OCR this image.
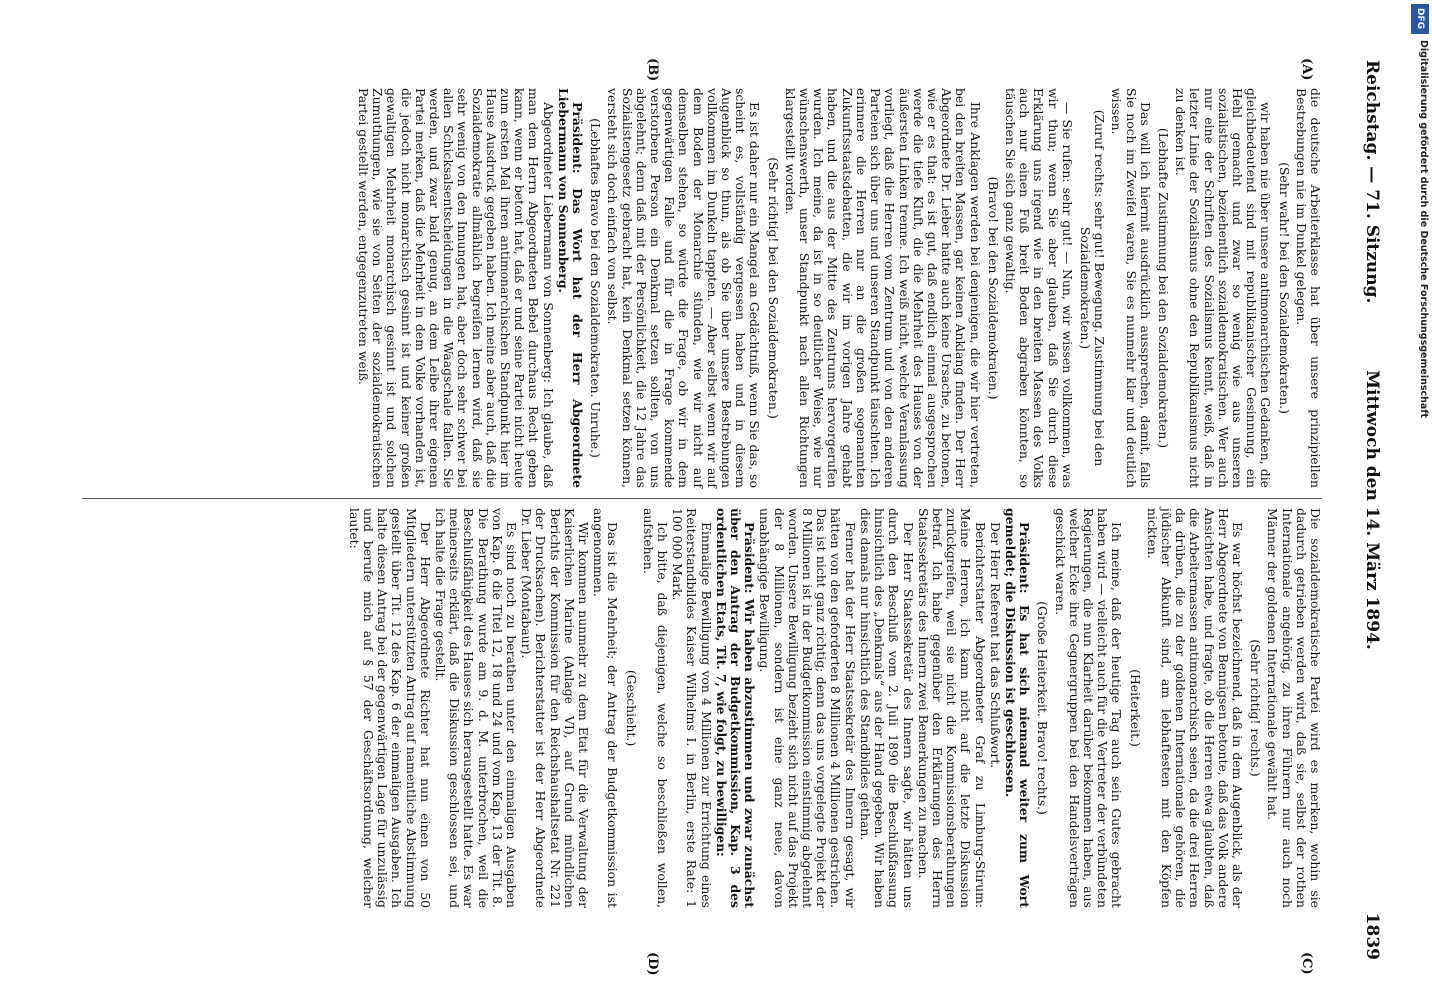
Reichstag. — 71. Sitzung.
Mittwoch den 14. März 1894.
1839
(A)
(B)
(C)
(D)

die deutsche Arbeiterklasse hat über unsere prinzipiellen Bestrebungen nie im Dunkel gelegen.

(Sehr wahr! bei den Sozialdemokraten.)

wir haben nie über unsere antimonarchischen Gedanken, die gleichbedeutend sind mit republikanischer Gesinnung, ein Hehl gemacht und zwar so wenig wie aus unseren sozialistischen, beziehentlich sozialdemokratischen. Wer auch nur eine der Schriften des Sozialismus kennt, weiß, daß in letzter Linie der Sozialismus ohne den Republikanismus nicht zu denken ist.

(Lebhafte Zustimmung bei den Sozialdemokraten.)

Das will ich hiermit ausdrücklich aussprechen, damit, falls Sie noch im Zweifel waren, Sie es nunmehr klar und deutlich wissen.

(Zuruf rechts: sehr gut! Bewegung. Zustimmung bei den Sozialdemokraten.)

— Sie rufen: sehr gut! — Nun, wir wissen vollkommen, was wir thun; wenn Sie aber glauben, daß Sie durch diese Erklärung uns irgend wie in den breiten Massen des Volks auch nur einen Fuß breit Boden abgraben könnten, so täuschen Sie sich ganz gewaltig.

(Bravo! bei den Sozialdemokraten.)

Ihre Anklagen werden bei denjenigen, die wir hier vertreten, bei den breiten Massen, gar keinen Anklang finden. Der Herr Abgeordnete Dr. Lieber hatte auch keine Ursache, zu betonen, wie er es that: es ist gut, daß endlich einmal ausgesprochen werde die tiefe Kluft, die die Mehrheit des Hauses von der äußersten Linken trenne. Ich weiß nicht, welche Veranlassung vorliegt, daß die Herren vom Zentrum und von den anderen Parteien sich über uns und unseren Standpunkt täuschten. Ich erinnere die Herren nur an die großen sogenannten Zukunftsstaatsdebatten, die wir im vorigen Jahre gehabt haben, und die aus der Mitte des Zentrums hervorgerufen wurden. Ich meine, da ist in so deutlicher Weise, wie nur wünschenswerth, unser Standpunkt nach allen Richtungen klargestellt worden.

(Sehr richtig! bei den Sozialdemokraten.)

Es ist daher nur ein Mangel an Gedächtniß, wenn Sie das, so scheint es, vollständig vergessen haben und in diesem Augenblick so thun, als ob Sie über unsere Bestrebungen vollkommen im Dunkeln tappten. — Aber selbst wenn wir auf dem Boden der Monarchie stünden, wie wir nicht auf demselben stehen, so würde die Frage, ob wir in dem gegenwärtigen Falle und für die in Frage kommende verstorbene Person ein Denkmal setzen sollten, von uns abgelehnt; denn daß mit der Persönlichkeit, die 12 Jahre das Sozialistengesetz gebracht hat, kein Denkmal setzen können, versteht sich doch einfach von selbst.

(Lebhaftes Bravo bei den Sozialdemokraten. Unruhe.)

Präsident: Das Wort hat der Herr Abgeordnete Liebermann von Sonnenberg.

Abgeordneter Liebermann von Sonnenberg: Ich glaube, daß man dem Herrn Abgeordneten Bebel durchaus Recht geben kann, wenn er betont hat, daß er und seine Partei nicht heute zum ersten Mal ihren antimonarchischen Standpunkt hier im Hause Ausdruck gegeben haben. Ich meine aber auch, daß die Sozialdemokratie allmählich begreifen lernen wird, daß sie sehr wenig von den Innungen hat, aber doch sehr schwer bei allen Schicksalsentscheidungen in die Waagschale fallen. Sie werden, und zwar bald genug, an dem Leibe ihrer eigenen Partei merken, daß die Mehrheit in dem Volke vorhanden ist, die jedoch nicht monarchisch gesinnt ist und keiner großen gewaltigen Mehrheit monarchisch gesinnt ist und solchen Zumuthungen, wie sie von Seiten der sozialdemokratischen Partei gestellt werden, entgegenzutreten weiß.

Die sozialdemokratische Partei wird es merken, wohin sie dadurch getrieben werden wird, daß sie, selbst der rothen Internationale angehörig, zu ihren Führern nur auch noch Männer der goldenen Internationale gewählt hat.

(Sehr richtig! rechts.)

Es war höchst bezeichnend, daß in dem Augenblick, als der Herr Abgeordnete von Bennigsen betonte, daß das Volk andere Ansichten habe, und fragte, ob die Herren etwa glaubten, daß die Arbeitermassen antimonarchisch seien, da die drei Herren da drüben, die zu der goldenen Internationale gehören, die jüdischer Abkunft sind, am lebhaftesten mit den Köpfen nickten.

(Heiterkeit.)

Ich meine, daß der heutige Tag auch sein Gutes gebracht haben wird — vielleicht auch für die Vertreter der verbündeten Regierungen, die nun Klarheit darüber bekommen haben, aus welcher Ecke ihre Gegnergruppen bei den Handelsverträgen geschickt waren.

(Große Heiterkeit. Bravo! rechts.)

Präsident: Es hat sich niemand weiter zum Wort gemeldet; die Diskussion ist geschlossen.

Der Herr Referent hat das Schlußwort.

Berichterstatter Abgeordneter Graf zu Limburg-Stirum: Meine Herren, ich kann nicht auf die letzte Diskussion zurückgreifen, weil sie nicht die Kommissionsberathungen betraf. Ich habe gegenüber den Erklärungen des Herrn Staatssekretärs des Innern zwei Bemerkungen zu machen.

Der Herr Staatssekretär des Innern sagte, wir hätten uns durch den Beschluß vom 2. Juli 1890 die Beschlußfassung hinsichtlich des „Denkmals“ aus der Hand gegeben. Wir haben dies damals nur hinsichtlich des Standbildes gethan.

Ferner hat der Herr Staatssekretär des Innern gesagt, wir hätten von den geforderten 8 Millionen 4 Millionen gestrichen. Das ist nicht ganz richtig; denn das uns vorgelegte Projekt der 8 Millionen ist in der Budgetkommission einstimmig abgelehnt worden. Unsere Bewilligung bezieht sich nicht auf das Projekt der 8 Millionen, sondern ist eine ganz neue, davon unabhängige Bewilligung.

Präsident: Wir haben abzustimmen und zwar zunächst über den Antrag der Budgetkommission, Kap. 3 des ordentlichen Etats, Tit. 7, wie folgt, zu bewilligen:

Einmalige Bewilligung von 4 Millionen zur Errichtung eines Reiterstandbildes Kaiser Wilhelms I. in Berlin, erste Rate: 1 100 000 Mark.

Ich bitte, daß diejenigen, welche so beschließen wollen, aufstehen.

(Geschieht.)

Das ist die Mehrheit; der Antrag der Budgetkommission ist angenommen.

Wir kommen nunmehr zu dem Etat für die Verwaltung der Kaiserlichen Marine (Anlage VI), auf Grund mündlichen Berichts der Kommission für den Reichshaushaltsetat Nr. 221 der Drucksachen). Berichterstatter ist der Herr Abgeordnete Dr. Lieber (Montabaur).

Es sind noch zu berathen unter den einmaligen Ausgaben von Kap. 6 die Titel 12, 18 und 24 und vom Kap. 13 der Tit. 8. Die Berathung wurde am 9. d. M. unterbrochen, weil die Beschlußfähigkeit des Hauses sich herausgestellt hatte. Es war meinerseits erklärt, daß die Diskussion geschlossen sei, und ich halte die Frage gestellt.

Der Herr Abgeordnete Richter hat nun einen von 50 Mitgliedern unterstützten Antrag auf namentliche Abstimmung gestellt über Tit. 12 des Kap. 6 der einmaligen Ausgaben. Ich halte diesen Antrag bei der gegenwärtigen Lage für unzulässig und berufe mich auf § 57 der Geschäftsordnung, welcher lautet:

DFG
Digitalisierung gefördert durch die Deutsche Forschungsgemeinschaft
